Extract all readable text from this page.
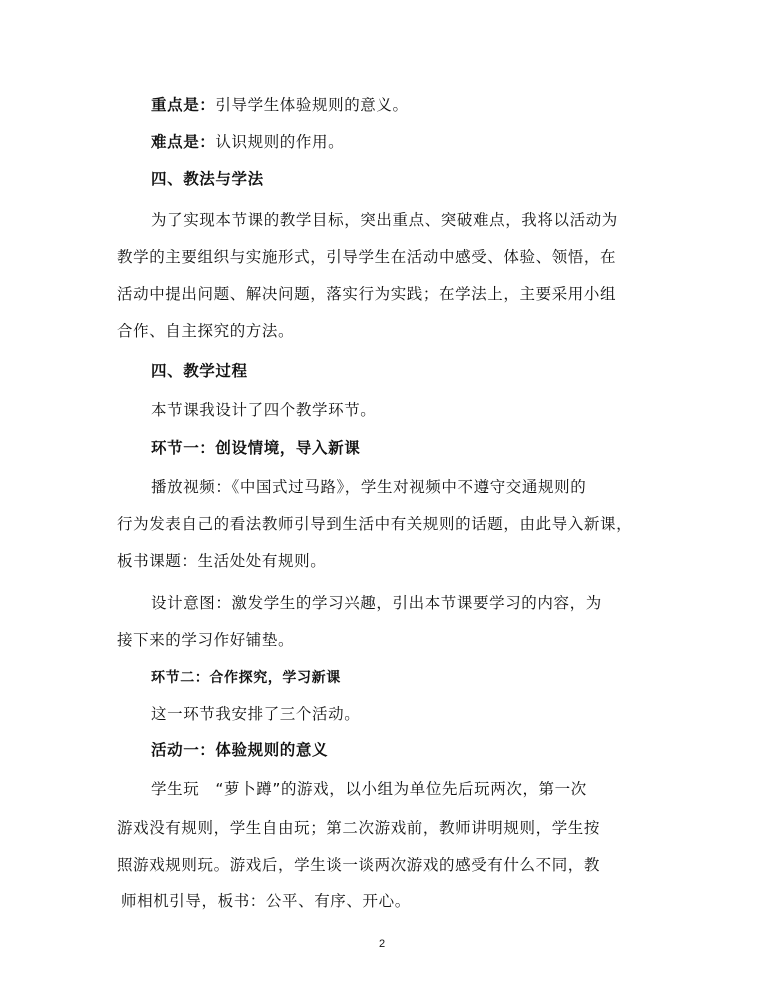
重点是：引导学生体验规则的意义。
难点是：认识规则的作用。
四、教法与学法
为了实现本节课的教学目标，突出重点、突破难点，我将以活动为
教学的主要组织与实施形式，引导学生在活动中感受、体验、领悟，在
活动中提出问题、解决问题，落实行为实践；在学法上，主要采用小组
合作、自主探究的方法。
四、教学过程
本节课我设计了四个教学环节。
环节一：创设情境，导入新课
播放视频：《中国式过马路》，学生对视频中不遵守交通规则的
行为发表自己的看法教师引导到生活中有关规则的话题，由此导入新课，
板书课题：生活处处有规则。
设计意图：激发学生的学习兴趣，引出本节课要学习的内容，为
接下来的学习作好铺垫。
环节二：合作探究，学习新课
这一环节我安排了三个活动。
活动一：体验规则的意义
学生玩　“萝卜蹲”的游戏，以小组为单位先后玩两次，第一次
游戏没有规则，学生自由玩；第二次游戏前，教师讲明规则，学生按
照游戏规则玩。游戏后，学生谈一谈两次游戏的感受有什么不同，教
师相机引导，板书：公平、有序、开心。
2
